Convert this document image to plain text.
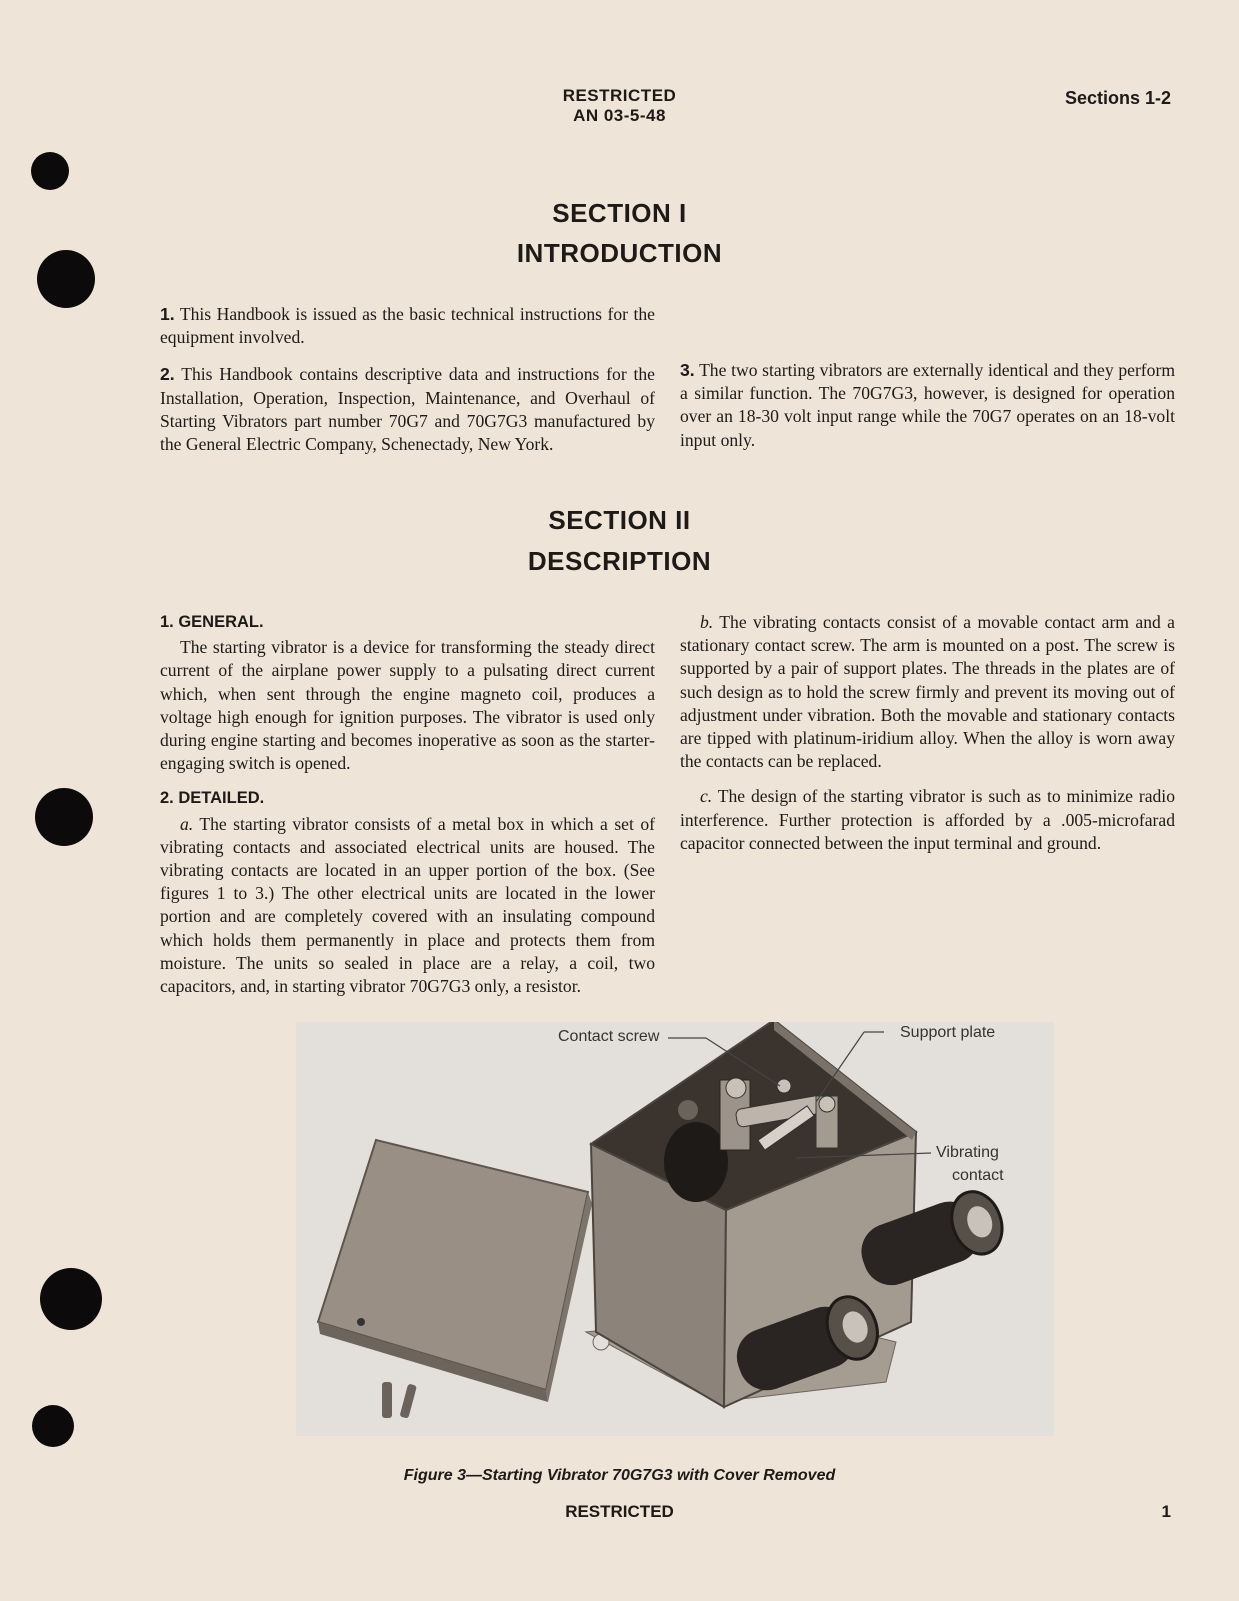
RESTRICTED
AN 03-5-48
Sections 1-2
SECTION I
INTRODUCTION

1. This Handbook is issued as the basic technical instructions for the equipment involved.

2. This Handbook contains descriptive data and instructions for the Installation, Operation, Inspection, Maintenance, and Overhaul of Starting Vibrators part number 70G7 and 70G7G3 manufactured by the General Electric Company, Schenectady, New York.

3. The two starting vibrators are externally identical and they perform a similar function. The 70G7G3, however, is designed for operation over an 18-30 volt input range while the 70G7 operates on an 18-volt input only.

SECTION II
DESCRIPTION
1. GENERAL.

The starting vibrator is a device for transforming the steady direct current of the airplane power supply to a pulsating direct current which, when sent through the engine magneto coil, produces a voltage high enough for ignition purposes. The vibrator is used only during engine starting and becomes inoperative as soon as the starter-engaging switch is opened.

2. DETAILED.

a. The starting vibrator consists of a metal box in which a set of vibrating contacts and associated electrical units are housed. The vibrating contacts are located in an upper portion of the box. (See figures 1 to 3.) The other electrical units are located in the lower portion and are completely covered with an insulating compound which holds them permanently in place and protects them from moisture. The units so sealed in place are a relay, a coil, two capacitors, and, in starting vibrator 70G7G3 only, a resistor.

b. The vibrating contacts consist of a movable contact arm and a stationary contact screw. The arm is mounted on a post. The screw is supported by a pair of support plates. The threads in the plates are of such design as to hold the screw firmly and prevent its moving out of adjustment under vibration. Both the movable and stationary contacts are tipped with platinum-iridium alloy. When the alloy is worn away the contacts can be replaced.

c. The design of the starting vibrator is such as to minimize radio interference. Further protection is afforded by a .005-microfarad capacitor connected between the input terminal and ground.

Contact screw	Support plate
Vibrating
contact
Figure 3—Starting Vibrator 70G7G3 with Cover Removed
RESTRICTED	1
